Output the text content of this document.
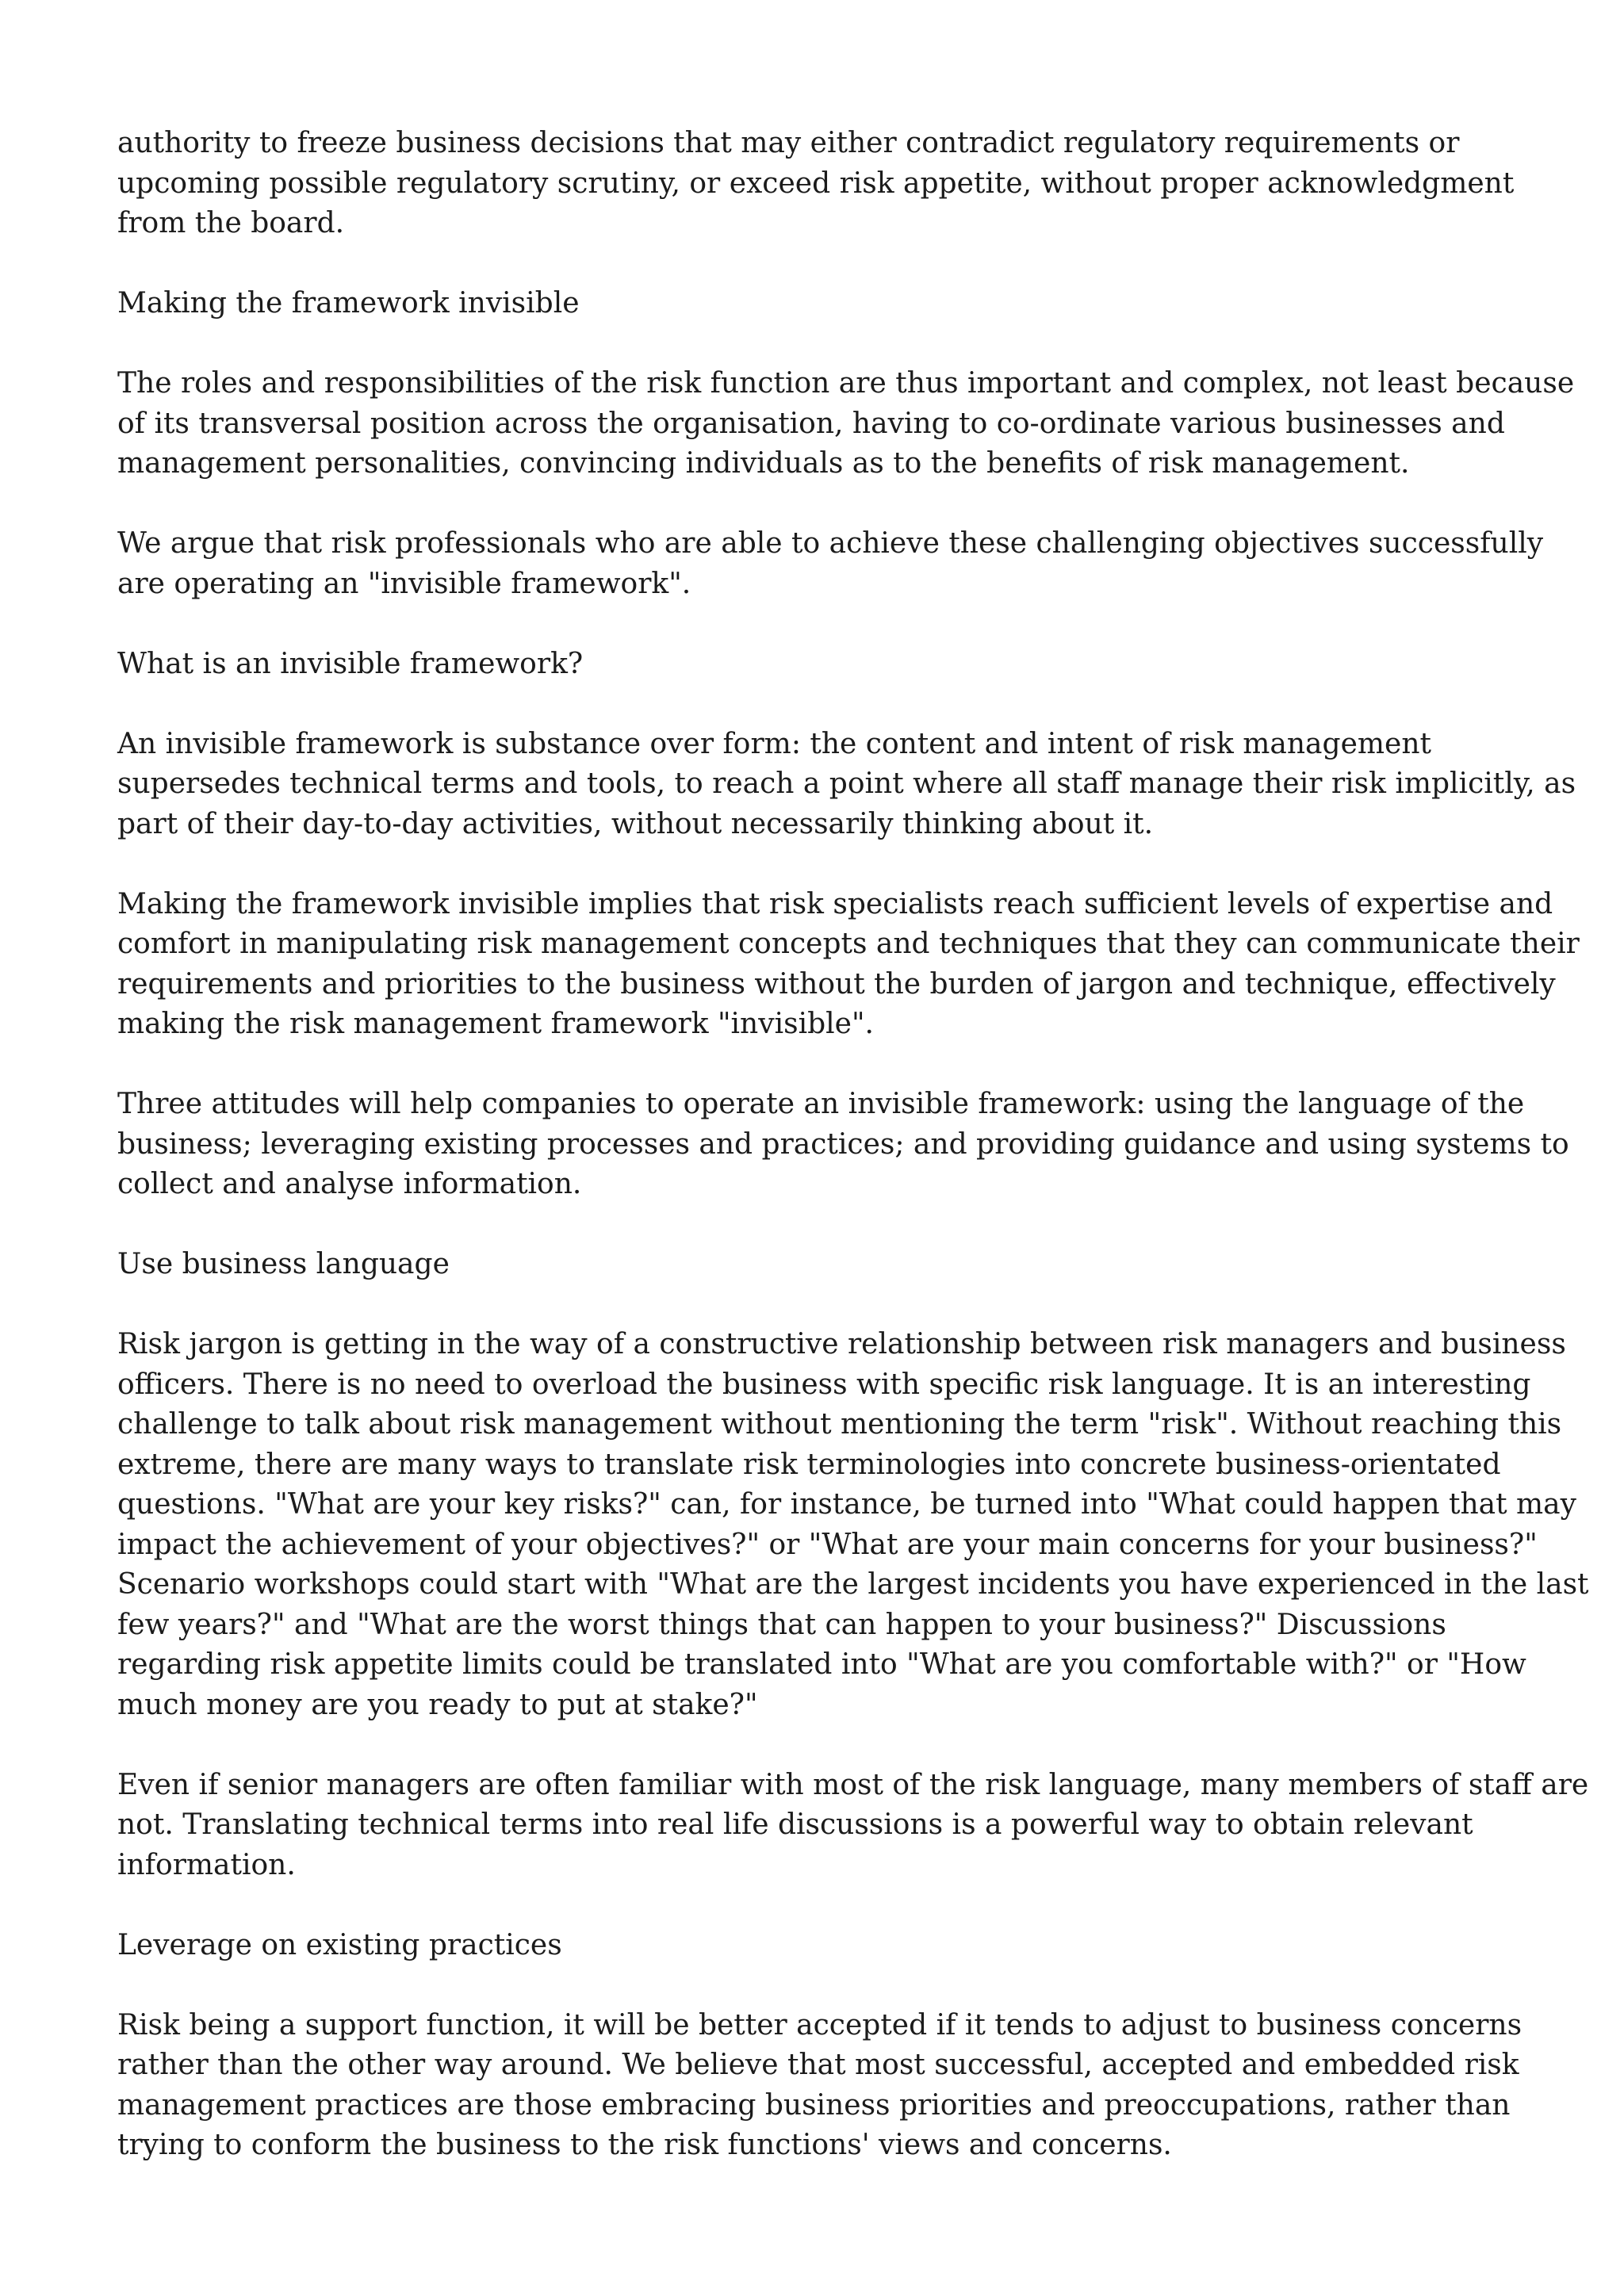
authority to freeze business decisions that may either contradict regulatory requirements or
upcoming possible regulatory scrutiny, or exceed risk appetite, without proper acknowledgment
from the board.

Making the framework invisible

The roles and responsibilities of the risk function are thus important and complex, not least because
of its transversal position across the organisation, having to co-ordinate various businesses and
management personalities, convincing individuals as to the benefits of risk management.

We argue that risk professionals who are able to achieve these challenging objectives successfully
are operating an "invisible framework".

What is an invisible framework?

An invisible framework is substance over form: the content and intent of risk management
supersedes technical terms and tools, to reach a point where all staff manage their risk implicitly, as
part of their day-to-day activities, without necessarily thinking about it.

Making the framework invisible implies that risk specialists reach sufficient levels of expertise and
comfort in manipulating risk management concepts and techniques that they can communicate their
requirements and priorities to the business without the burden of jargon and technique, effectively
making the risk management framework "invisible".

Three attitudes will help companies to operate an invisible framework: using the language of the
business; leveraging existing processes and practices; and providing guidance and using systems to
collect and analyse information.

Use business language

Risk jargon is getting in the way of a constructive relationship between risk managers and business
officers. There is no need to overload the business with specific risk language. It is an interesting
challenge to talk about risk management without mentioning the term "risk". Without reaching this
extreme, there are many ways to translate risk terminologies into concrete business-orientated
questions. "What are your key risks?" can, for instance, be turned into "What could happen that may
impact the achievement of your objectives?" or "What are your main concerns for your business?"
Scenario workshops could start with "What are the largest incidents you have experienced in the last
few years?" and "What are the worst things that can happen to your business?" Discussions
regarding risk appetite limits could be translated into "What are you comfortable with?" or "How
much money are you ready to put at stake?"

Even if senior managers are often familiar with most of the risk language, many members of staff are
not. Translating technical terms into real life discussions is a powerful way to obtain relevant
information.

Leverage on existing practices

Risk being a support function, it will be better accepted if it tends to adjust to business concerns
rather than the other way around. We believe that most successful, accepted and embedded risk
management practices are those embracing business priorities and preoccupations, rather than
trying to conform the business to the risk functions' views and concerns.
